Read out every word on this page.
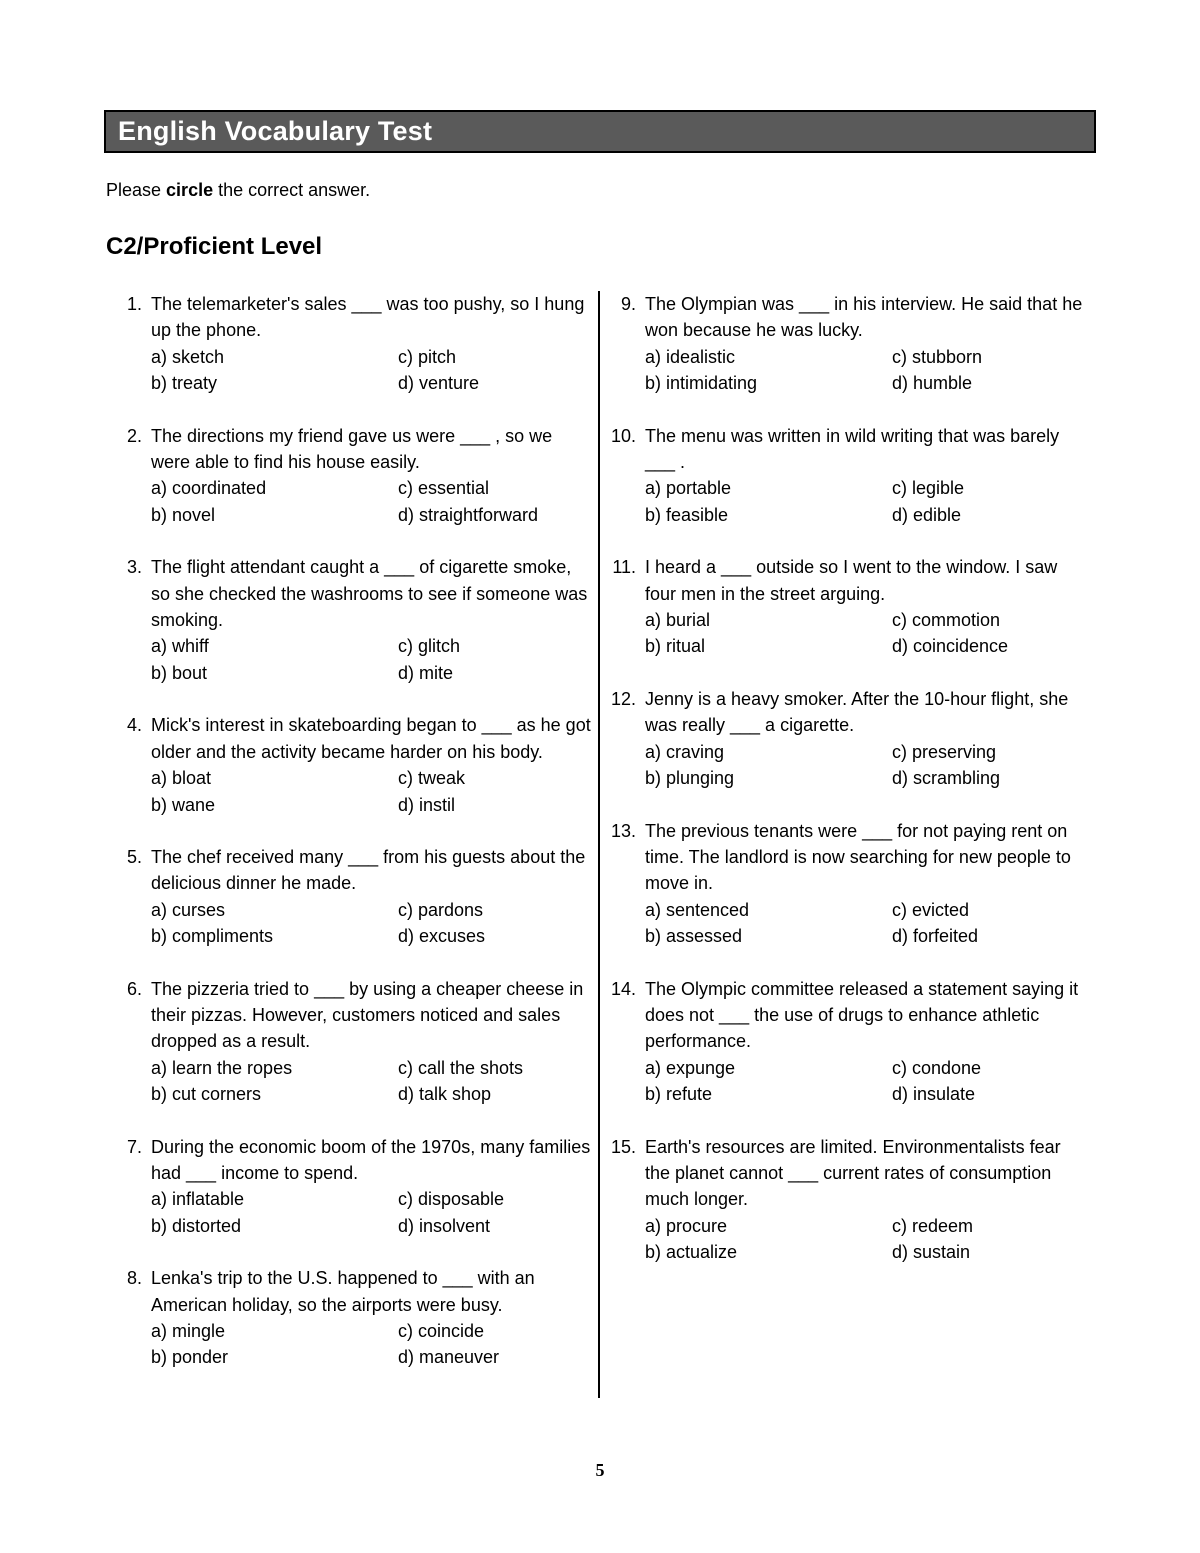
English Vocabulary Test
Please circle the correct answer.
C2/Proficient Level
1. The telemarketer's sales ___ was too pushy, so I hung up the phone.
a) sketch	c) pitch
b) treaty	d) venture
2. The directions my friend gave us were ___ , so we were able to find his house easily.
a) coordinated	c) essential
b) novel	d) straightforward
3. The flight attendant caught a ___ of cigarette smoke, so she checked the washrooms to see if someone was smoking.
a) whiff	c) glitch
b) bout	d) mite
4. Mick's interest in skateboarding began to ___ as he got older and the activity became harder on his body.
a) bloat	c) tweak
b) wane	d) instil
5. The chef received many ___ from his guests about the delicious dinner he made.
a) curses	c) pardons
b) compliments	d) excuses
6. The pizzeria tried to ___ by using a cheaper cheese in their pizzas. However, customers noticed and sales dropped as a result.
a) learn the ropes	c) call the shots
b) cut corners	d) talk shop
7. During the economic boom of the 1970s, many families had ___ income to spend.
a) inflatable	c) disposable
b) distorted	d) insolvent
8. Lenka's trip to the U.S. happened to ___ with an American holiday, so the airports were busy.
a) mingle	c) coincide
b) ponder	d) maneuver
9. The Olympian was ___ in his interview. He said that he won because he was lucky.
a) idealistic	c) stubborn
b) intimidating	d) humble
10. The menu was written in wild writing that was barely ___ .
a) portable	c) legible
b) feasible	d) edible
11. I heard a ___ outside so I went to the window. I saw four men in the street arguing.
a) burial	c) commotion
b) ritual	d) coincidence
12. Jenny is a heavy smoker. After the 10-hour flight, she was really ___ a cigarette.
a) craving	c) preserving
b) plunging	d) scrambling
13. The previous tenants were ___ for not paying rent on time. The landlord is now searching for new people to move in.
a) sentenced	c) evicted
b) assessed	d) forfeited
14. The Olympic committee released a statement saying it does not ___ the use of drugs to enhance athletic performance.
a) expunge	c) condone
b) refute	d) insulate
15. Earth's resources are limited. Environmentalists fear the planet cannot ___ current rates of consumption much longer.
a) procure	c) redeem
b) actualize	d) sustain
5
